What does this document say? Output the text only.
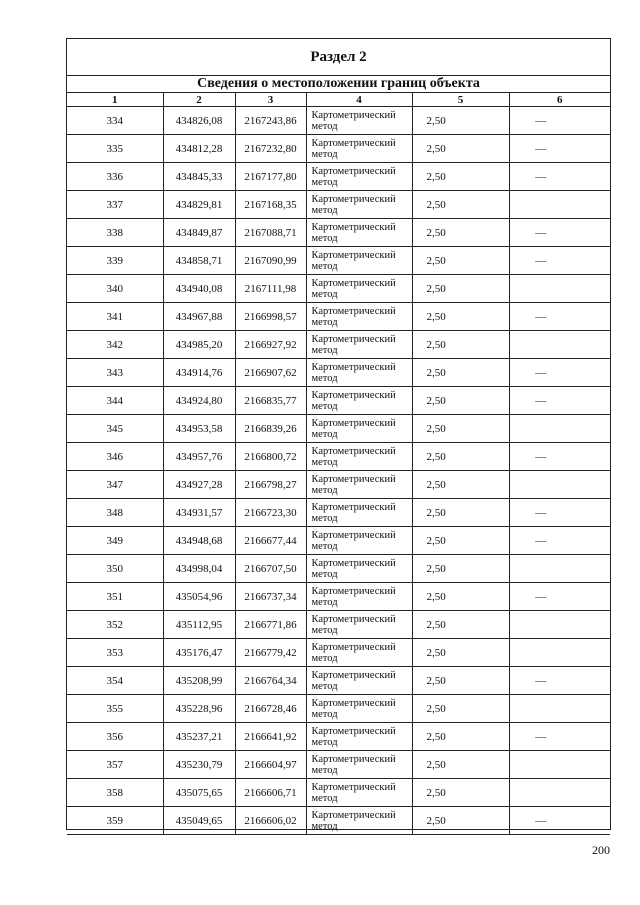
Раздел 2
Сведения о местоположении границ объекта
1	2	3	4	5	6
334	434826,08	2167243,86	Картометрический метод	2,50	—
335	434812,28	2167232,80	Картометрический метод	2,50	—
336	434845,33	2167177,80	Картометрический метод	2,50	—
337	434829,81	2167168,35	Картометрический метод	2,50	
338	434849,87	2167088,71	Картометрический метод	2,50	—
339	434858,71	2167090,99	Картометрический метод	2,50	—
340	434940,08	2167111,98	Картометрический метод	2,50	
341	434967,88	2166998,57	Картометрический метод	2,50	—
342	434985,20	2166927,92	Картометрический метод	2,50	
343	434914,76	2166907,62	Картометрический метод	2,50	—
344	434924,80	2166835,77	Картометрический метод	2,50	—
345	434953,58	2166839,26	Картометрический метод	2,50	
346	434957,76	2166800,72	Картометрический метод	2,50	—
347	434927,28	2166798,27	Картометрический метод	2,50	
348	434931,57	2166723,30	Картометрический метод	2,50	—
349	434948,68	2166677,44	Картометрический метод	2,50	—
350	434998,04	2166707,50	Картометрический метод	2,50	
351	435054,96	2166737,34	Картометрический метод	2,50	—
352	435112,95	2166771,86	Картометрический метод	2,50	
353	435176,47	2166779,42	Картометрический метод	2,50	
354	435208,99	2166764,34	Картометрический метод	2,50	—
355	435228,96	2166728,46	Картометрический метод	2,50	
356	435237,21	2166641,92	Картометрический метод	2,50	—
357	435230,79	2166604,97	Картометрический метод	2,50	
358	435075,65	2166606,71	Картометрический метод	2,50	
359	435049,65	2166606,02	Картометрический метод	2,50	—
200
